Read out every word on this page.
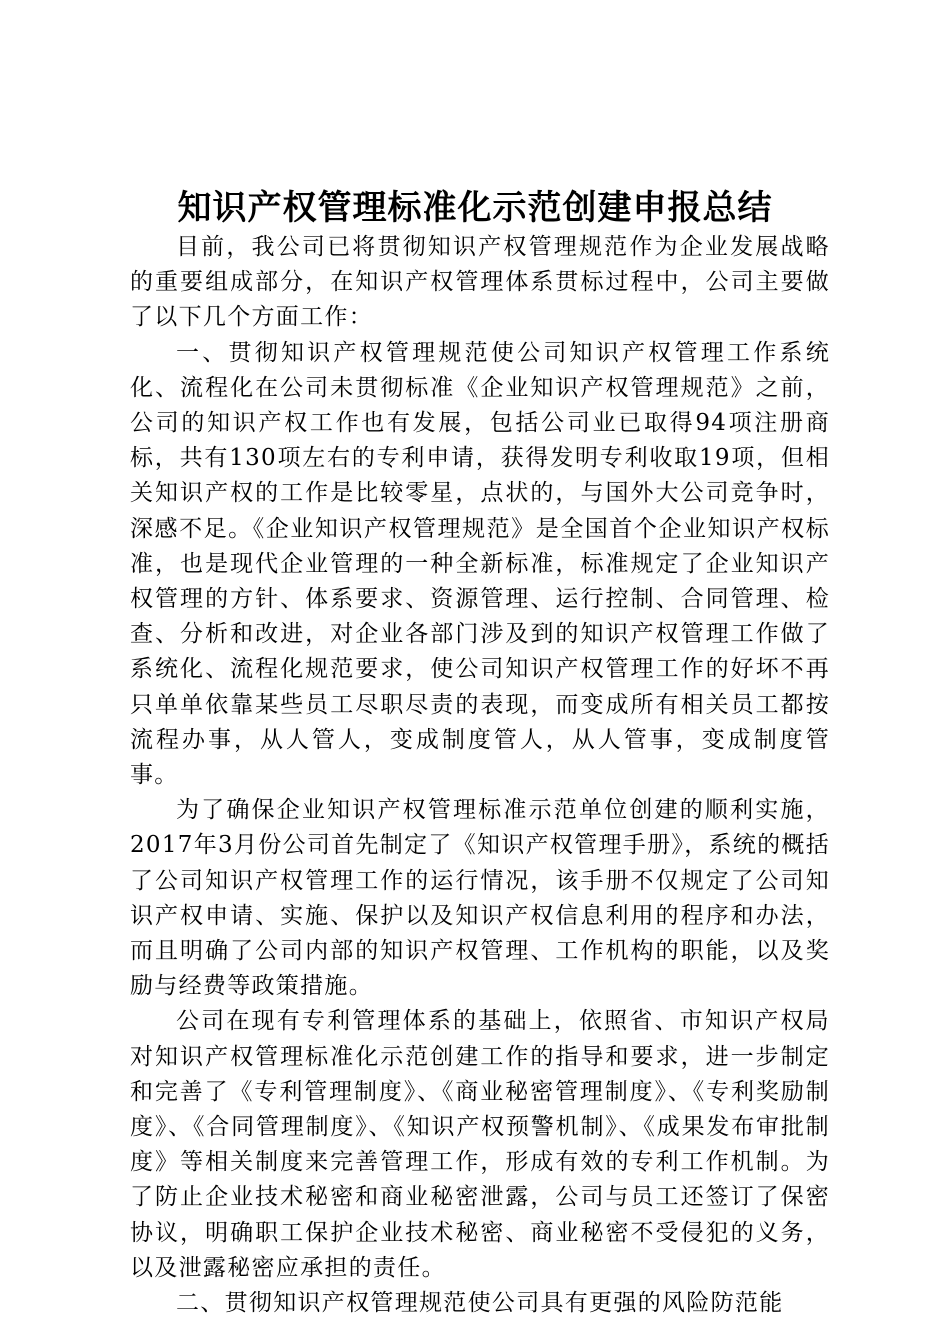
知识产权管理标准化示范创建申报总结

目前，我公司已将贯彻知识产权管理规范作为企业发展战略的重要组成部分，在知识产权管理体系贯标过程中，公司主要做了以下几个方面工作：

一、贯彻知识产权管理规范使公司知识产权管理工作系统化、流程化在公司未贯彻标准《企业知识产权管理规范》之前，公司的知识产权工作也有发展，包括公司业已取得94项注册商标，共有130项左右的专利申请，获得发明专利收取19项，但相关知识产权的工作是比较零星，点状的，与国外大公司竞争时，深感不足。《企业知识产权管理规范》是全国首个企业知识产权标准，也是现代企业管理的一种全新标准，标准规定了企业知识产权管理的方针、体系要求、资源管理、运行控制、合同管理、检查、分析和改进，对企业各部门涉及到的知识产权管理工作做了系统化、流程化规范要求，使公司知识产权管理工作的好坏不再只单单依靠某些员工尽职尽责的表现，而变成所有相关员工都按流程办事，从人管人，变成制度管人，从人管事，变成制度管事。

为了确保企业知识产权管理标准示范单位创建的顺利实施，2017年3月份公司首先制定了《知识产权管理手册》，系统的概括了公司知识产权管理工作的运行情况，该手册不仅规定了公司知识产权申请、实施、保护以及知识产权信息利用的程序和办法，而且明确了公司内部的知识产权管理、工作机构的职能，以及奖励与经费等政策措施。

公司在现有专利管理体系的基础上，依照省、市知识产权局对知识产权管理标准化示范创建工作的指导和要求，进一步制定和完善了《专利管理制度》、《商业秘密管理制度》、《专利奖励制度》、《合同管理制度》、《知识产权预警机制》、《成果发布审批制度》等相关制度来完善管理工作，形成有效的专利工作机制。为了防止企业技术秘密和商业秘密泄露，公司与员工还签订了保密协议，明确职工保护企业技术秘密、商业秘密不受侵犯的义务，以及泄露秘密应承担的责任。

二、贯彻知识产权管理规范使公司具有更强的风险防范能
